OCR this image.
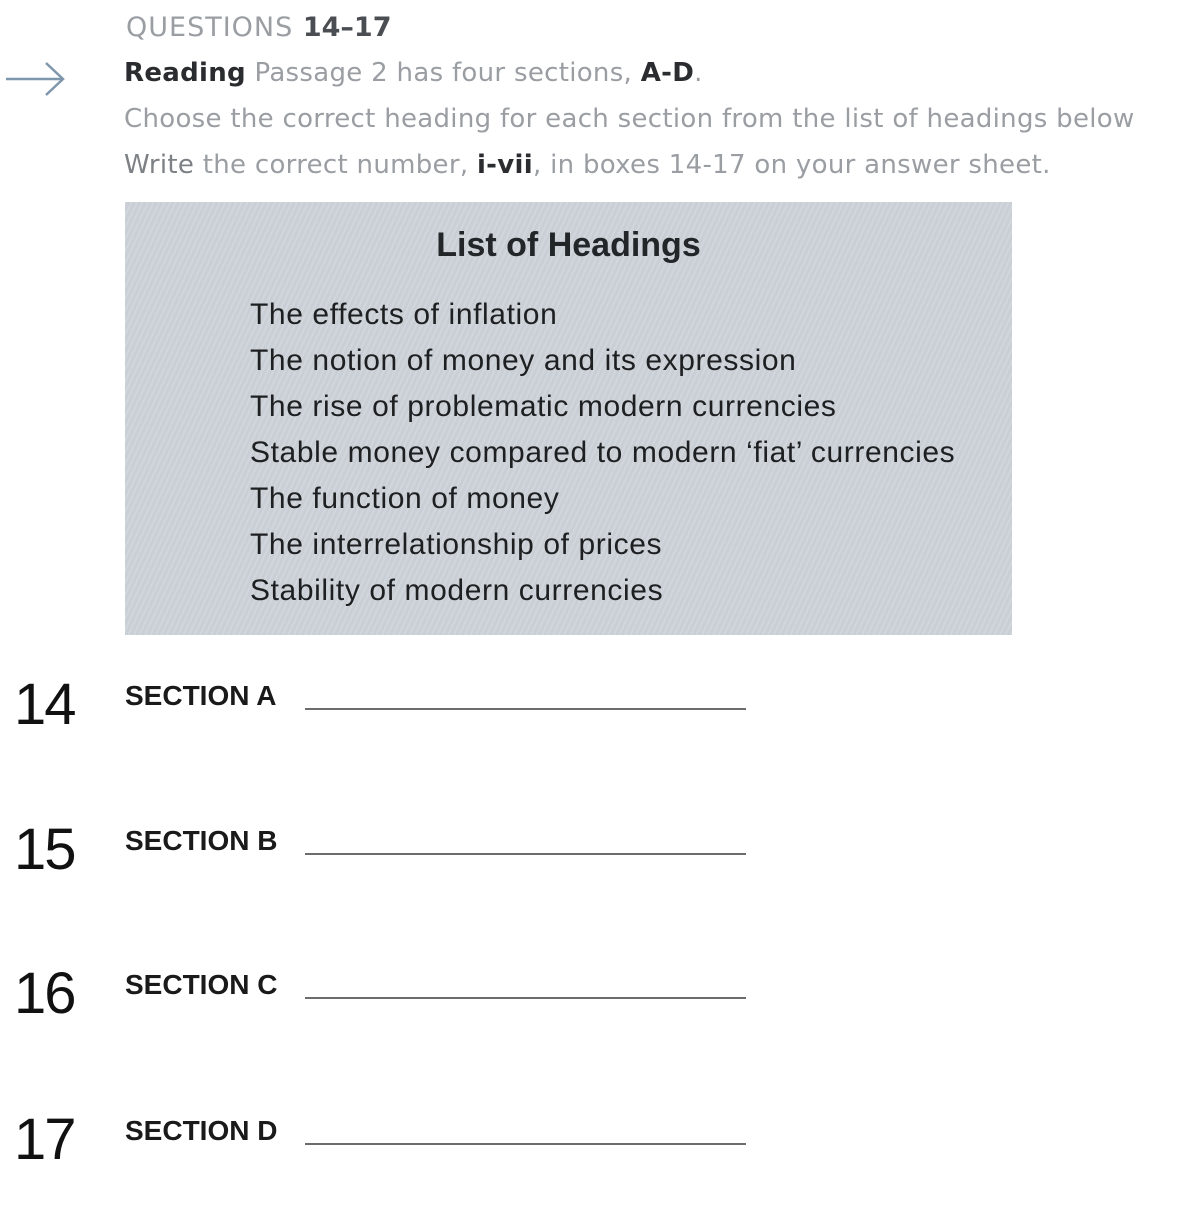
QUESTIONS 14–17
Reading Passage 2 has four sections, A-D.
Choose the correct heading for each section from the list of headings below
Write the correct number, i-vii, in boxes 14-17 on your answer sheet.
List of Headings
The effects of inflation
The notion of money and its expression
The rise of problematic modern currencies
Stable money compared to modern ‘fiat’ currencies
The function of money
The interrelationship of prices
Stability of modern currencies
14 SECTION A
15 SECTION B
16 SECTION C
17 SECTION D
